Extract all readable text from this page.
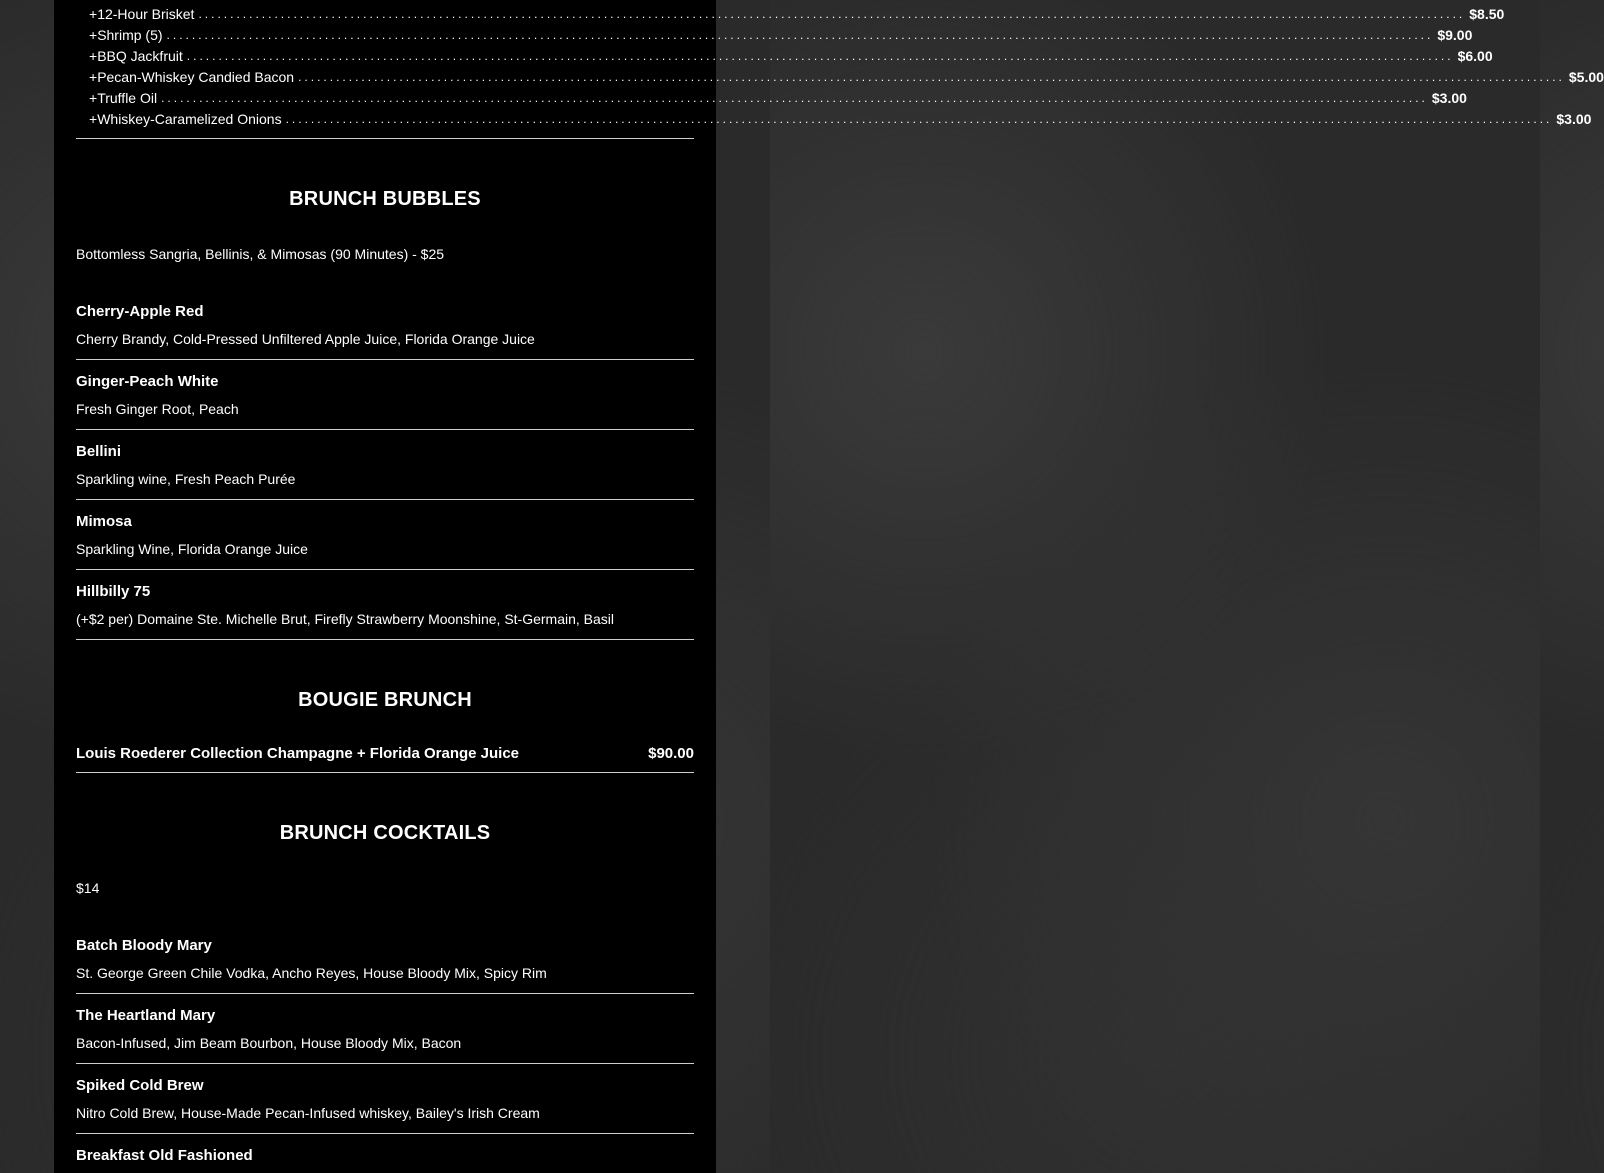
+ 12-Hour Brisket ........................................................................................................................................................................................................ $8.50
+ Shrimp (5) ........................................................................................................................................................................................................ $9.00
+ BBQ Jackfruit ........................................................................................................................................................................................................ $6.00
+ Pecan-Whiskey Candied Bacon ........................................................................................................................................................................................................ $5.00
+ Truffle Oil ........................................................................................................................................................................................................ $3.00
+ Whiskey-Caramelized Onions ........................................................................................................................................................................................................ $3.00
BRUNCH BUBBLES
Bottomless Sangria, Bellinis, & Mimosas (90 Minutes) - $25
Cherry-Apple Red
Cherry Brandy, Cold-Pressed Unfiltered Apple Juice, Florida Orange Juice
Ginger-Peach White
Fresh Ginger Root, Peach
Bellini
Sparkling wine, Fresh Peach Purée
Mimosa
Sparkling Wine, Florida Orange Juice
Hillbilly 75
(+$2 per) Domaine Ste. Michelle Brut, Firefly Strawberry Moonshine, St-Germain, Basil
BOUGIE BRUNCH
Louis Roederer Collection Champagne + Florida Orange Juice	$90.00
BRUNCH COCKTAILS
$14
Batch Bloody Mary
St. George Green Chile Vodka, Ancho Reyes, House Bloody Mix, Spicy Rim
The Heartland Mary
Bacon-Infused, Jim Beam Bourbon, House Bloody Mix, Bacon
Spiked Cold Brew
Nitro Cold Brew, House-Made Pecan-Infused whiskey, Bailey's Irish Cream
Breakfast Old Fashioned
